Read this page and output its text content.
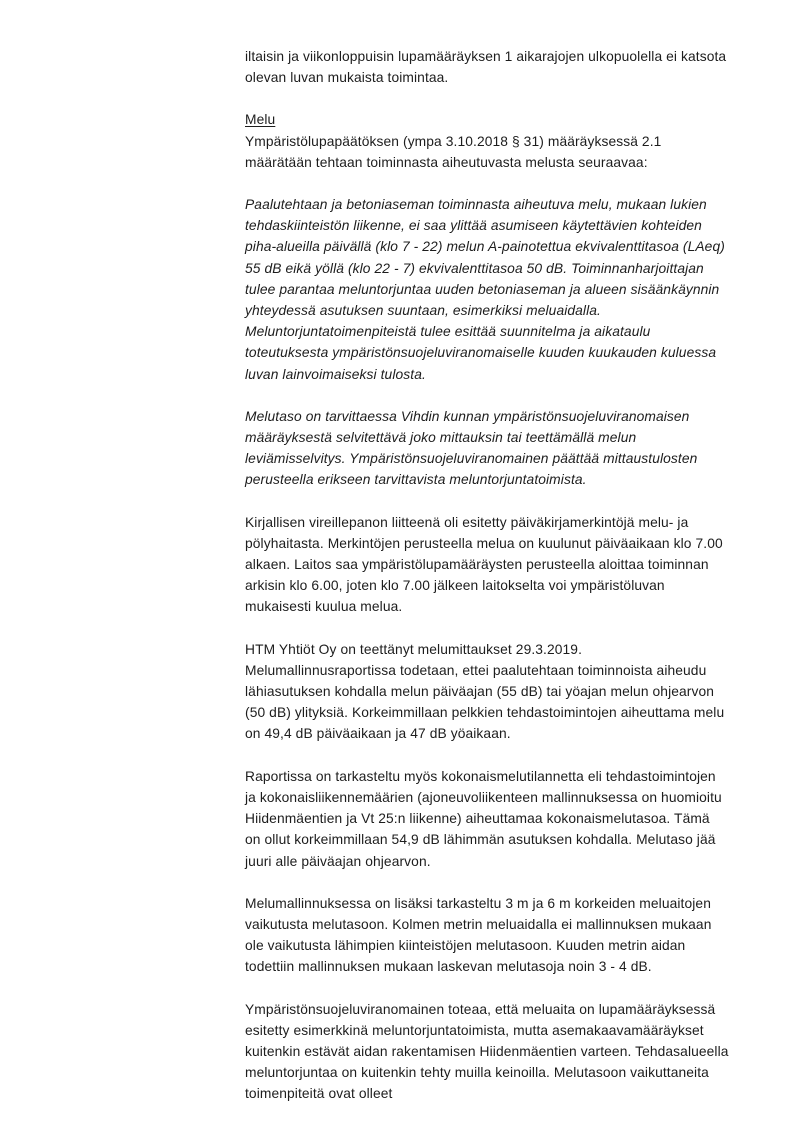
iltaisin ja viikonloppuisin lupamääräyksen 1 aikarajojen ulkopuolella ei katsota olevan luvan mukaista toimintaa.

Melu

Ympäristölupapäätöksen (ympa 3.10.2018 § 31) määräyksessä 2.1 määrätään tehtaan toiminnasta aiheutuvasta melusta seuraavaa:

Paalutehtaan ja betoniaseman toiminnasta aiheutuva melu, mukaan lukien tehdaskiinteistön liikenne, ei saa ylittää asumiseen käytettävien kohteiden piha-alueilla päivällä (klo 7 - 22) melun A-painotettua ekvivalenttitasoa (LAeq) 55 dB eikä yöllä (klo 22 - 7) ekvivalenttitasoa 50 dB. Toiminnanharjoittajan tulee parantaa meluntorjuntaa uuden betoniaseman ja alueen sisäänkäynnin yhteydessä asutuksen suuntaan, esimerkiksi meluaidalla. Meluntorjuntatoimenpiteistä tulee esittää suunnitelma ja aikataulu toteutuksesta ympäristönsuojeluviranomaiselle kuuden kuukauden kuluessa luvan lainvoimaiseksi tulosta.

Melutaso on tarvittaessa Vihdin kunnan ympäristönsuojeluviranomaisen määräyksestä selvitettävä joko mittauksin tai teettämällä melun leviämisselvitys. Ympäristönsuojeluviranomainen päättää mittaustulosten perusteella erikseen tarvittavista meluntorjuntatoimista.

Kirjallisen vireillepanon liitteenä oli esitetty päiväkirjamerkintöjä melu- ja pölyhaitasta. Merkintöjen perusteella melua on kuulunut päiväaikaan klo 7.00 alkaen. Laitos saa ympäristölupamääräysten perusteella aloittaa toiminnan arkisin klo 6.00, joten klo 7.00 jälkeen laitokselta voi ympäristöluvan mukaisesti kuulua melua.

HTM Yhtiöt Oy on teettänyt melumittaukset 29.3.2019. Melumallinnusraportissa todetaan, ettei paalutehtaan toiminnoista aiheudu lähiasutuksen kohdalla melun päiväajan (55 dB) tai yöajan melun ohjearvon (50 dB) ylityksiä. Korkeimmillaan pelkkien tehdastoimintojen aiheuttama melu on 49,4 dB päiväaikaan ja 47 dB yöaikaan.

Raportissa on tarkasteltu myös kokonaismelutilannetta eli tehdastoimintojen ja kokonaisliikennemäärien (ajoneuvoliikenteen mallinnuksessa on huomioitu Hiidenmäentien ja Vt 25:n liikenne) aiheuttamaa kokonaismelutasoa. Tämä on ollut korkeimmillaan 54,9 dB lähimmän asutuksen kohdalla. Melutaso jää juuri alle päiväajan ohjearvon.

Melumallinnuksessa on lisäksi tarkasteltu 3 m ja 6 m korkeiden meluaitojen vaikutusta melutasoon. Kolmen metrin meluaidalla ei mallinnuksen mukaan ole vaikutusta lähimpien kiinteistöjen melutasoon. Kuuden metrin aidan todettiin mallinnuksen mukaan laskevan melutasoja noin 3 - 4 dB.

Ympäristönsuojeluviranomainen toteaa, että meluaita on lupamääräyksessä esitetty esimerkkinä meluntorjuntatoimista, mutta asemakaavamääräykset kuitenkin estävät aidan rakentamisen Hiidenmäentien varteen. Tehdasalueella meluntorjuntaa on kuitenkin tehty muilla keinoilla. Melutasoon vaikuttaneita toimenpiteitä ovat olleet
